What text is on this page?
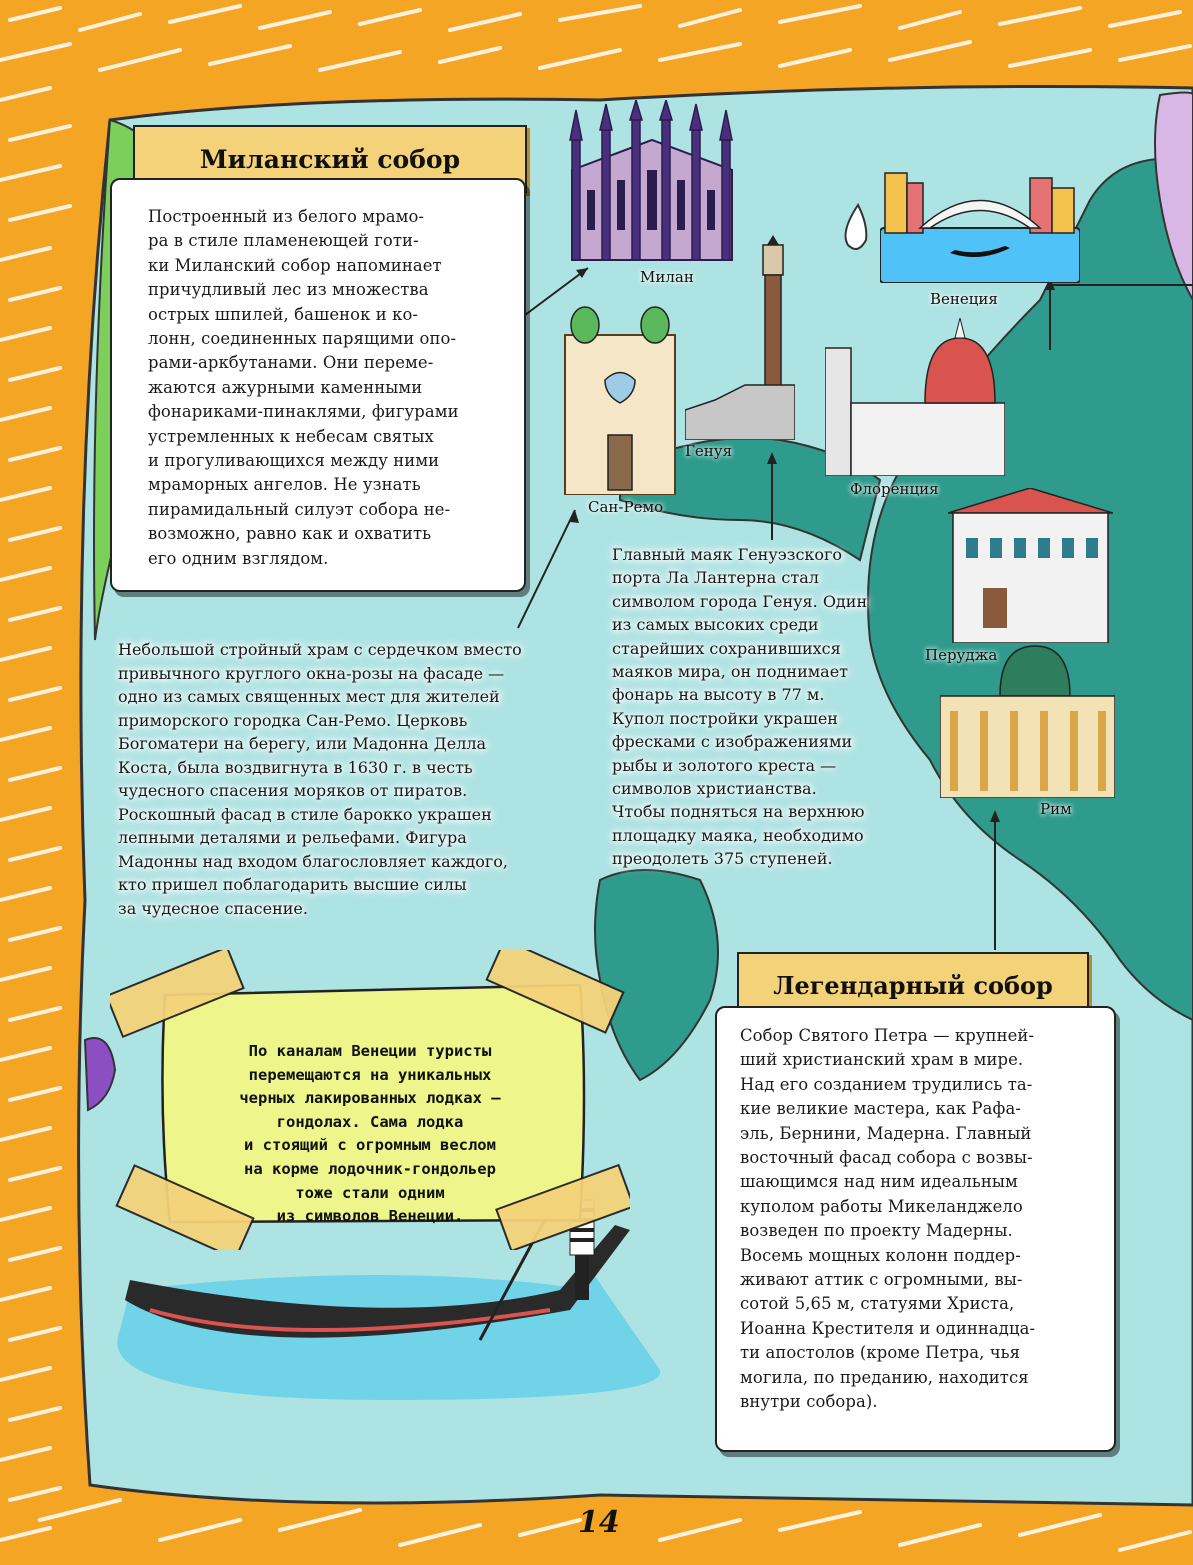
Миланский собор

Построенный из белого мрамо-

ра в стиле пламенеющей готи-

ки Миланский собор напоминает

причудливый лес из множества

острых шпилей, башенок и ко-

лонн, соединенных парящими опо-

рами-аркбутанами. Они переме-

жаются ажурными каменными

фонариками-пинаклями, фигурами

устремленных к небесам святых

и прогуливающихся между ними

мраморных ангелов. Не узнать

пирамидальный силуэт собора не-

возможно, равно как и охватить

его одним взглядом.

Милан
Венеция
Генуя
Сан-Ремо
Флоренция
Перуджа
Рим
Небольшой стройный храм с сердечком вместо
привычного круглого окна-розы на фасаде —
одно из самых священных мест для жителей
приморского городка Сан-Ремо. Церковь
Богоматери на берегу, или Мадонна Делла
Коста, была воздвигнута в 1630 г. в честь
чудесного спасения моряков от пиратов.
Роскошный фасад в стиле барокко украшен
лепными деталями и рельефами. Фигура
Мадонны над входом благословляет каждого,
кто пришел поблагодарить высшие силы
за чудесное спасение.
Главный маяк Генуэзского
порта Ла Лантерна стал
символом города Генуя. Один
из самых высоких среди
старейших сохранившихся
маяков мира, он поднимает
фонарь на высоту в 77 м.
Купол постройки украшен
фресками с изображениями
рыбы и золотого креста —
символов христианства.
Чтобы подняться на верхнюю
площадку маяка, необходимо
преодолеть 375 ступеней.
По каналам Венеции туристы
перемещаются на уникальных
черных лакированных лодках —
гондолах. Сама лодка
и стоящий с огромным веслом
на корме лодочник-гондольер
тоже стали одним
из символов Венеции.
Легендарный собор

Собор Святого Петра — крупней-

ший христианский храм в мире.

Над его созданием трудились та-

кие великие мастера, как Рафа-

эль, Бернини, Мадерна. Главный

восточный фасад собора с возвы-

шающимся над ним идеальным

куполом работы Микеланджело

возведен по проекту Мадерны.

Восемь мощных колонн поддер-

живают аттик с огромными, вы-

сотой 5,65 м, статуями Христа,

Иоанна Крестителя и одиннадца-

ти апостолов (кроме Петра, чья

могила, по преданию, находится

внутри собора).

14
